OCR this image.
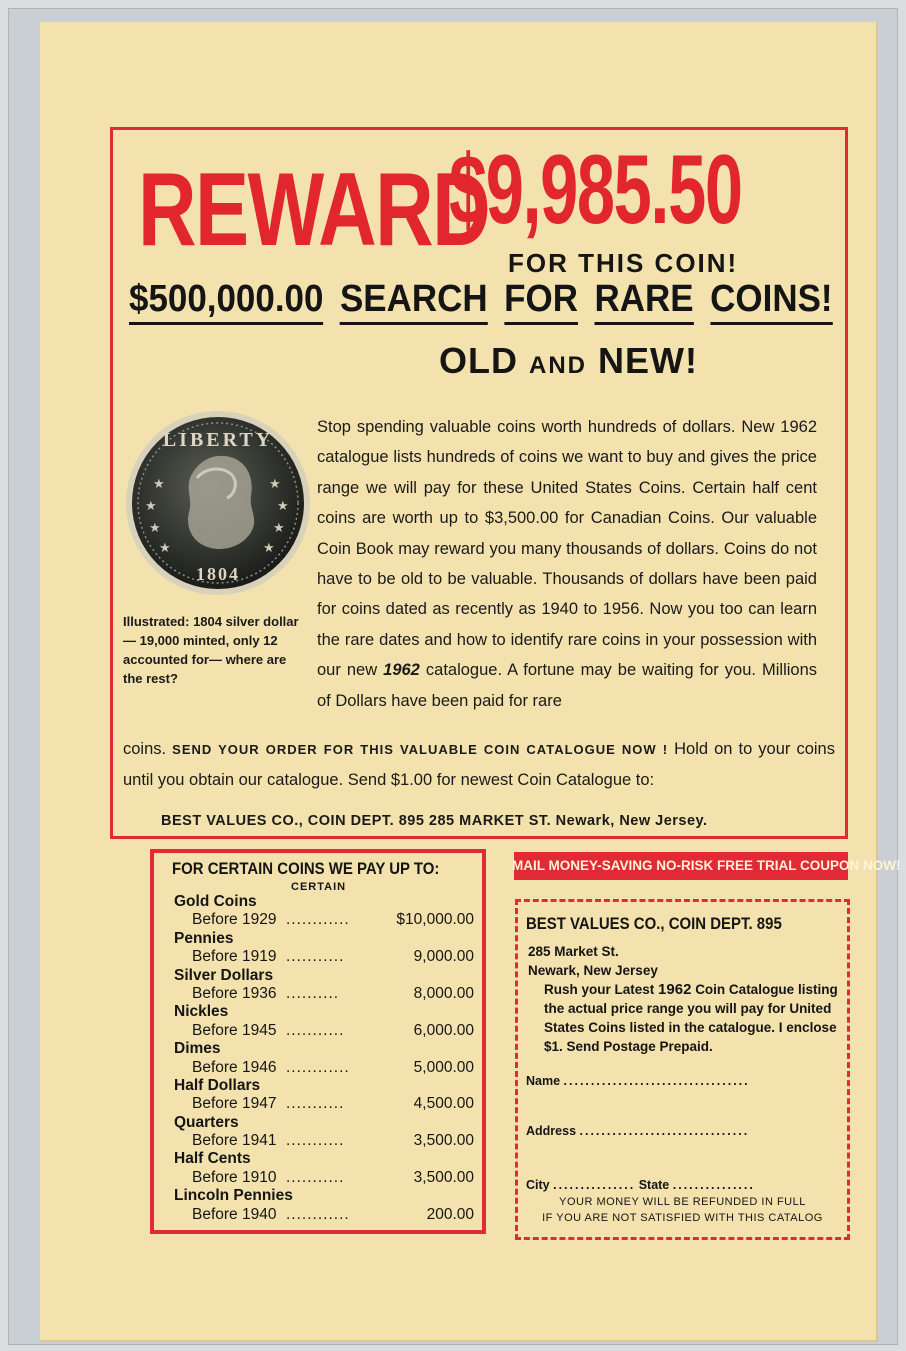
REWARD
$9,985.50
FOR THIS COIN!
$500,000.00 SEARCH FOR RARE COINS!
OLD AND NEW!
★
★
★
★
★
★
★
★
LIBERTY
1804
Illustrated: 1804 silver dollar — 19,000 minted, only 12 accounted for— where are the rest?
Stop spending valuable coins worth hundreds of dollars. New 1962 catalogue lists hundreds of coins we want to buy and gives the price range we will pay for these United States Coins. Certain half cent coins are worth up to $3,500.00 for Canadian Coins. Our valuable Coin Book may reward you many thousands of dollars. Coins do not have to be old to be valuable. Thousands of dollars have been paid for coins dated as recently as 1940 to 1956. Now you too can learn the rare dates and how to identify rare coins in your possession with our new 1962 catalogue. A fortune may be waiting for you. Millions of Dollars have been paid for rare
coins. SEND YOUR ORDER FOR THIS VALUABLE COIN CATALOGUE NOW ! Hold on to your coins until you obtain our catalogue. Send $1.00 for newest Coin Catalogue to:
BEST VALUES CO., COIN DEPT. 895 285 MARKET ST. Newark, New Jersey.
FOR CERTAIN COINS WE PAY UP TO:
CERTAIN
Gold Coins
Before 1929 ............	$10,000.00
Pennies
Before 1919 ...........	9,000.00
Silver Dollars
Before 1936 ..........	8,000.00
Nickles
Before 1945 ...........	6,000.00
Dimes
Before 1946 ............	5,000.00
Half Dollars
Before 1947 ...........	4,500.00
Quarters
Before 1941 ...........	3,500.00
Half Cents
Before 1910 ...........	3,500.00
Lincoln Pennies
Before 1940 ............	200.00
MAIL MONEY-SAVING NO-RISK FREE TRIAL COUPON NOW!
BEST VALUES CO., COIN DEPT. 895
285 Market St.
Newark, New Jersey
Rush your Latest 1962 Coin Catalogue listing the actual price range you will pay for United States Coins listed in the catalogue. I enclose $1. Send Postage Prepaid.
Name ..................................
Address ...............................
City ............... State ...............
YOUR MONEY WILL BE REFUNDED IN FULL
IF YOU ARE NOT SATISFIED WITH THIS CATALOG
